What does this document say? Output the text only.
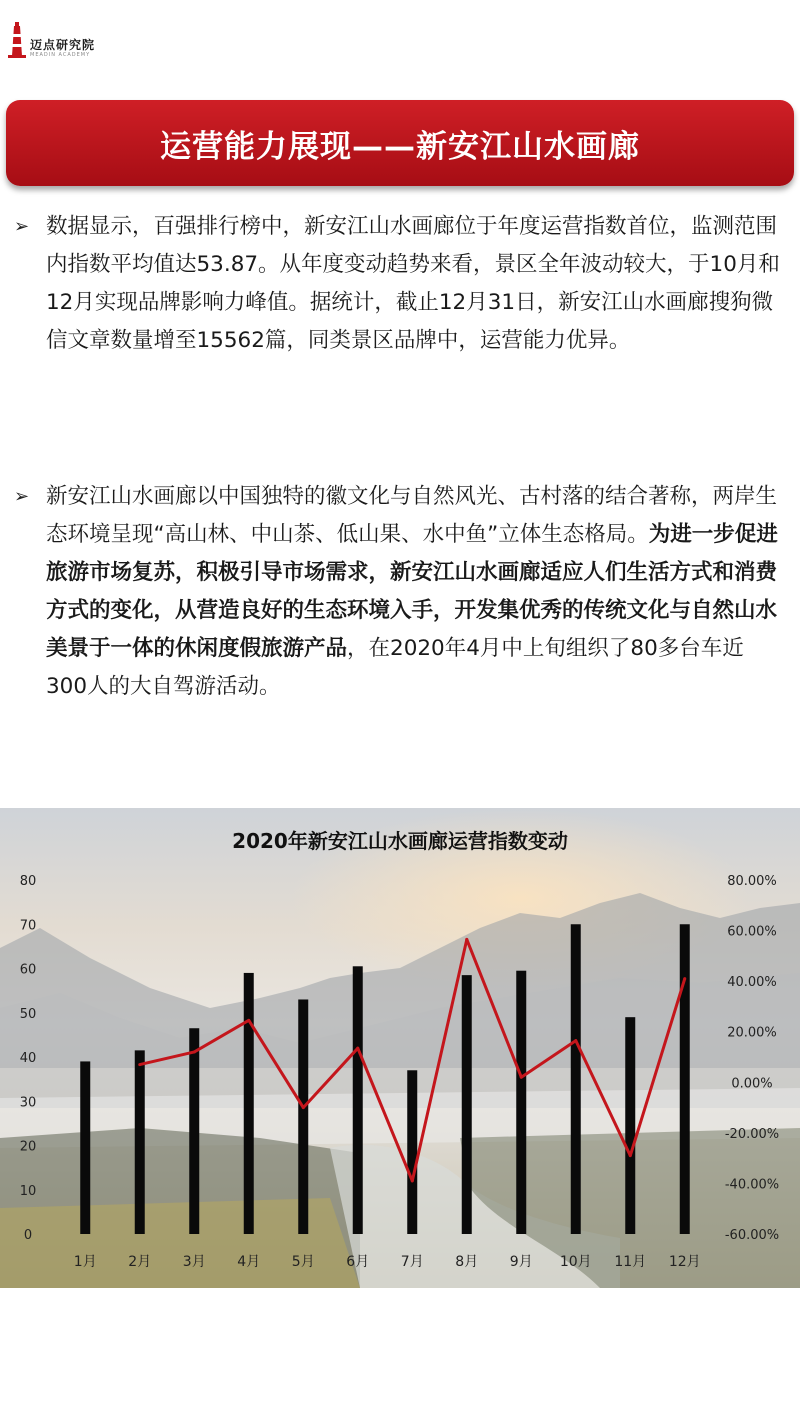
迈点研究院
MEADIN ACADEMY
运营能力展现——新安江山水画廊
➢ 数据显示，百强排行榜中，新安江山水画廊位于年度运营指数首位，监测范围内指数平均值达53.87。从年度变动趋势来看，景区全年波动较大，于10月和12月实现品牌影响力峰值。据统计，截止12月31日，新安江山水画廊搜狗微信文章数量增至15562篇，同类景区品牌中，运营能力优异。
➢ 新安江山水画廊以中国独特的徽文化与自然风光、古村落的结合著称，两岸生态环境呈现“高山林、中山茶、低山果、水中鱼”立体生态格局。为进一步促进旅游市场复苏，积极引导市场需求，新安江山水画廊适应人们生活方式和消费方式的变化，从营造良好的生态环境入手，开发集优秀的传统文化与自然山水美景于一体的休闲度假旅游产品，在2020年4月中上旬组织了80多台车近300人的大自驾游活动。
2020年新安江山水画廊运营指数变动
0
10
20
30
40
50
60
70
80
-60.00%
-40.00%
-20.00%
0.00%
20.00%
40.00%
60.00%
80.00%
1月 2月 3月 4月 5月 6月 7月 8月 9月 10月 11月 12月
